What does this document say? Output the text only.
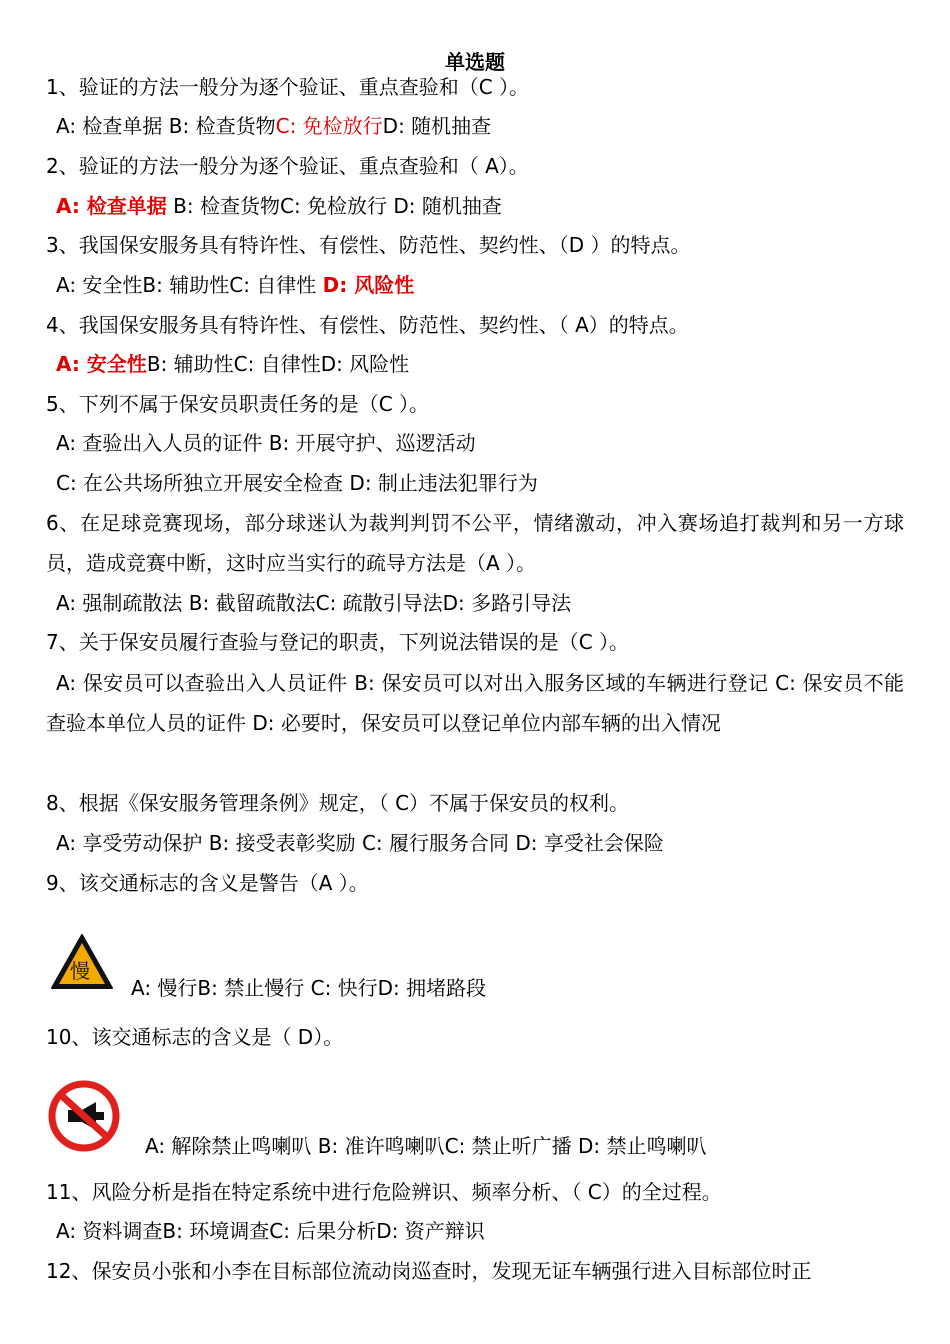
单选题
1、验证的方法一般分为逐个验证、重点查验和（C ）。
A: 检查单据 B: 检查货物C: 免检放行D: 随机抽查
2、验证的方法一般分为逐个验证、重点查验和（ A）。
A: 检查单据 B: 检查货物C: 免检放行 D: 随机抽查
3、我国保安服务具有特许性、有偿性、防范性、契约性、（D ）的特点。
A: 安全性B: 辅助性C: 自律性 D: 风险性
4、我国保安服务具有特许性、有偿性、防范性、契约性、（ A）的特点。
A: 安全性B: 辅助性C: 自律性D: 风险性
5、下列不属于保安员职责任务的是（C ）。
A: 查验出入人员的证件 B: 开展守护、巡逻活动
C: 在公共场所独立开展安全检查 D: 制止违法犯罪行为
6、在足球竞赛现场，部分球迷认为裁判判罚不公平，情绪激动，冲入赛场追打裁判和另一方球员，造成竞赛中断，这时应当实行的疏导方法是（A ）。
A: 强制疏散法 B: 截留疏散法C: 疏散引导法D: 多路引导法
7、关于保安员履行查验与登记的职责，下列说法错误的是（C ）。
A: 保安员可以查验出入人员证件 B: 保安员可以对出入服务区域的车辆进行登记 C: 保安员不能查验本单位人员的证件 D: 必要时，保安员可以登记单位内部车辆的出入情况
8、根据《保安服务管理条例》规定，（ C）不属于保安员的权利。
A: 享受劳动保护 B: 接受表彰奖励 C: 履行服务合同 D: 享受社会保险
9、该交通标志的含义是警告（A ）。
慢
A: 慢行B: 禁止慢行 C: 快行D: 拥堵路段
10、该交通标志的含义是（ D）。
A: 解除禁止鸣喇叭 B: 准许鸣喇叭C: 禁止听广播 D: 禁止鸣喇叭
11、风险分析是指在特定系统中进行危险辨识、频率分析、（ C）的全过程。
A: 资料调查B: 环境调查C: 后果分析D: 资产辩识
12、保安员小张和小李在目标部位流动岗巡查时，发现无证车辆强行进入目标部位时正
